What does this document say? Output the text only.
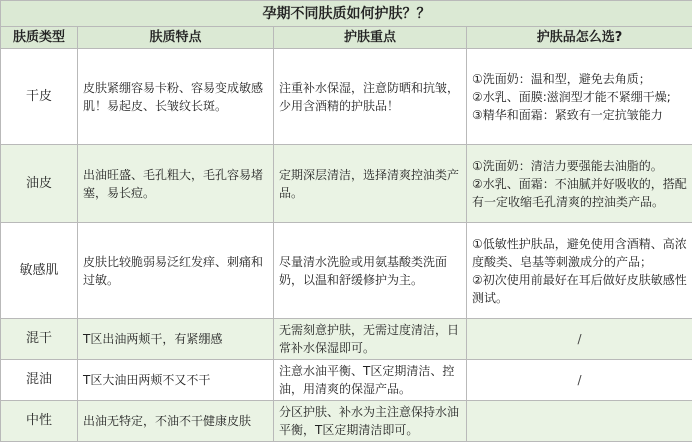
孕期不同肤质如何护肤？？			
肤质类型	肤质特点	护肤重点	护肤品怎么选?
干皮	皮肤紧绷容易卡粉、容易变成敏感肌！易起皮、长皱纹长斑。	注重补水保湿，注意防晒和抗皱，少用含酒精的护肤品！	①洗面奶：温和型，避免去角质；
②水乳、面膜:滋润型才能不紧绷干燥;
③精华和面霜：紧致有一定抗皱能力

油皮	出油旺盛、毛孔粗大，毛孔容易堵塞，易长痘。	定期深层清洁，选择清爽控油类产品。	①洗面奶：清洁力要强能去油脂的。
②水乳、面霜：不油腻并好吸收的，搭配有一定收缩毛孔清爽的控油类产品。

敏感肌	皮肤比较脆弱易泛红发痒、刺痛和过敏。	尽量清水洗脸或用氨基酸类洗面奶，以温和舒缓修护为主。	①低敏性护肤品，避免使用含酒精、高浓度酸类、皂基等刺激成分的产品；
②初次使用前最好在耳后做好皮肤敏感性测试。

混干	T区出油两颊干，有紧绷感	无需刻意护肤，无需过度清洁，日常补水保湿即可。	/
混油	T区大油田两颊不又不干	注意水油平衡、T区定期清洁、控油，用清爽的保湿产品。	/
中性	出油无特定，不油不干健康皮肤	分区护肤、补水为主注意保持水油平衡，T区定期清洁即可。	
